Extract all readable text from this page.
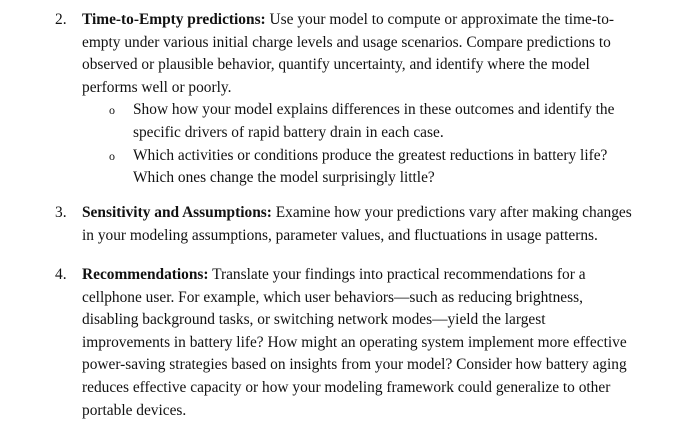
2.	Time-to-Empty predictions: Use your model to compute or approximate the time-to-
empty under various initial charge levels and usage scenarios. Compare predictions to
observed or plausible behavior, quantify uncertainty, and identify where the model
performs well or poorly.
o	Show how your model explains differences in these outcomes and identify the
specific drivers of rapid battery drain in each case.
o	Which activities or conditions produce the greatest reductions in battery life?
Which ones change the model surprisingly little?
3.	Sensitivity and Assumptions: Examine how your predictions vary after making changes
in your modeling assumptions, parameter values, and fluctuations in usage patterns.
4.	Recommendations: Translate your findings into practical recommendations for a
cellphone user. For example, which user behaviors—such as reducing brightness,
disabling background tasks, or switching network modes—yield the largest
improvements in battery life? How might an operating system implement more effective
power-saving strategies based on insights from your model? Consider how battery aging
reduces effective capacity or how your modeling framework could generalize to other
portable devices.
